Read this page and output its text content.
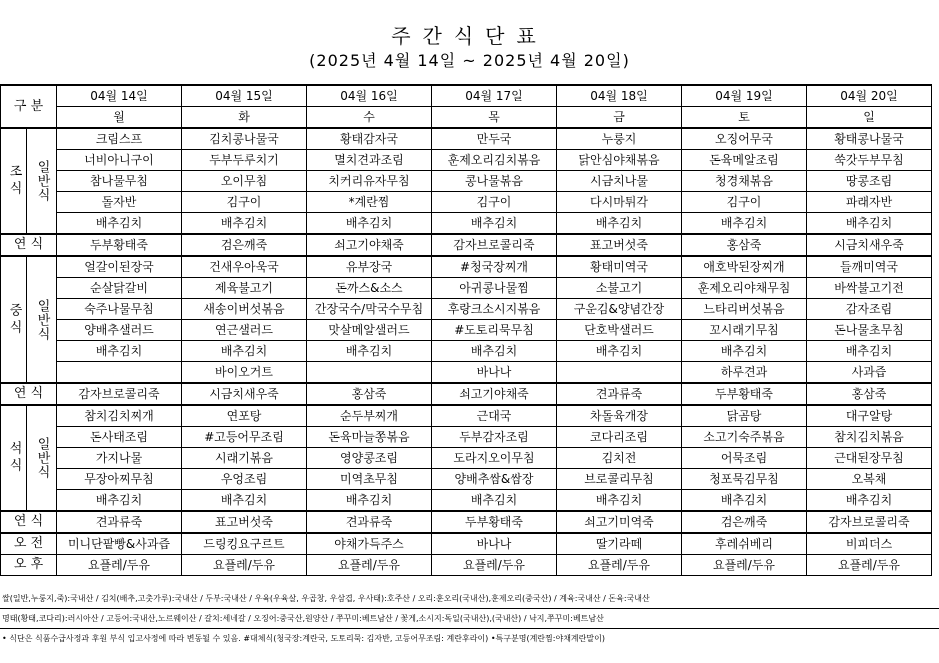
주간식단표
(2025년 4월 14일 ~ 2025년 4월 20일)
구 분		04월 14일	04월 15일	04월 16일	04월 17일	04월 18일	04월 19일	04월 20일
		월	화	수	목	금	토	일
조식	일반식	크림스프	김치콩나물국	황태감자국	만두국	누룽지	오징어무국	황태콩나물국
		너비아니구이	두부두루치기	멸치견과조림	훈제오리김치볶음	닭안심야채볶음	돈육메알조림	쑥갓두부무침
		참나물무침	오이무침	치커리유자무침	콩나물볶음	시금치나물	청경채볶음	땅콩조림
		돌자반	김구이	*계란찜	김구이	다시마튀각	김구이	파래자반
		배추김치	배추김치	배추김치	배추김치	배추김치	배추김치	배추김치
연 식		두부황태죽	검은깨죽	쇠고기야채죽	감자브로콜리죽	표고버섯죽	홍삼죽	시금치새우죽
중식	일반식	얼갈이된장국	건새우아욱국	유부장국	#청국장찌개	황태미역국	애호박된장찌개	들깨미역국
		순살닭갈비	제육불고기	돈까스&소스	아귀콩나물찜	소불고기	훈제오리야채무침	바싹불고기전
		숙주나물무침	새송이버섯볶음	간장국수/막국수무침	후랑크소시지볶음	구운김&양념간장	느타리버섯볶음	감자조림
		양배추샐러드	연근샐러드	맛살메알샐러드	#도토리묵무침	단호박샐러드	꼬시래기무침	돈나물초무침
		배추김치	배추김치	배추김치	배추김치	배추김치	배추김치	배추김치
			바이오거트		바나나		하루견과	사과즙
연 식		감자브로콜리죽	시금치새우죽	홍삼죽	쇠고기야채죽	견과류죽	두부황태죽	홍삼죽
석식	일반식	참치김치찌개	연포탕	순두부찌개	근대국	차돌육개장	닭곰탕	대구알탕
		돈사태조림	#고등어무조림	돈육마늘쫑볶음	두부감자조림	코다리조림	소고기숙주볶음	참치김치볶음
		가지나물	시래기볶음	영양콩조림	도라지오이무침	김치전	어묵조림	근대된장무침
		무장아찌무침	우엉조림	미역초무침	양배추쌈&쌈장	브로콜리무침	청포묵김무침	오복채
		배추김치	배추김치	배추김치	배추김치	배추김치	배추김치	배추김치
연 식		견과류죽	표고버섯죽	견과류죽	두부황태죽	쇠고기미역죽	검은깨죽	감자브로콜리죽
오 전		미니단팥빵&사과즙	드링킹요구르트	야채가득주스	바나나	딸기라떼	후레쉬베리	비피더스
오 후		요플레/두유	요플레/두유	요플레/두유	요플레/두유	요플레/두유	요플레/두유	요플레/두유
쌀(일반,누룽지,죽):국내산 / 김치(배추,고춧가루):국내산 / 두부:국내산 / 우육(우육살, 우곱창, 우삼겹, 우사태):호주산 / 오리:훈오리(국내산),훈제오리(중국산) / 계육:국내산 / 돈육:국내산
명태(황태,코다리):러시아산 / 고등어:국내산,노르웨이산 / 갈치:세네갈 / 오징어:중국산,원양산 / 쭈꾸미:베트남산 / 꽃게,소시지:독일(국내산),(국내산) / 낙지,쭈꾸미:베트남산
• 식단은 식품수급사정과 후원 부식 입고사정에 따라 변동될 수 있음. #대체식(청국장:계란국, 도토리묵: 김자반, 고등어무조림: 계란후라이) •특구분명(계란찜:야채계란말이)
